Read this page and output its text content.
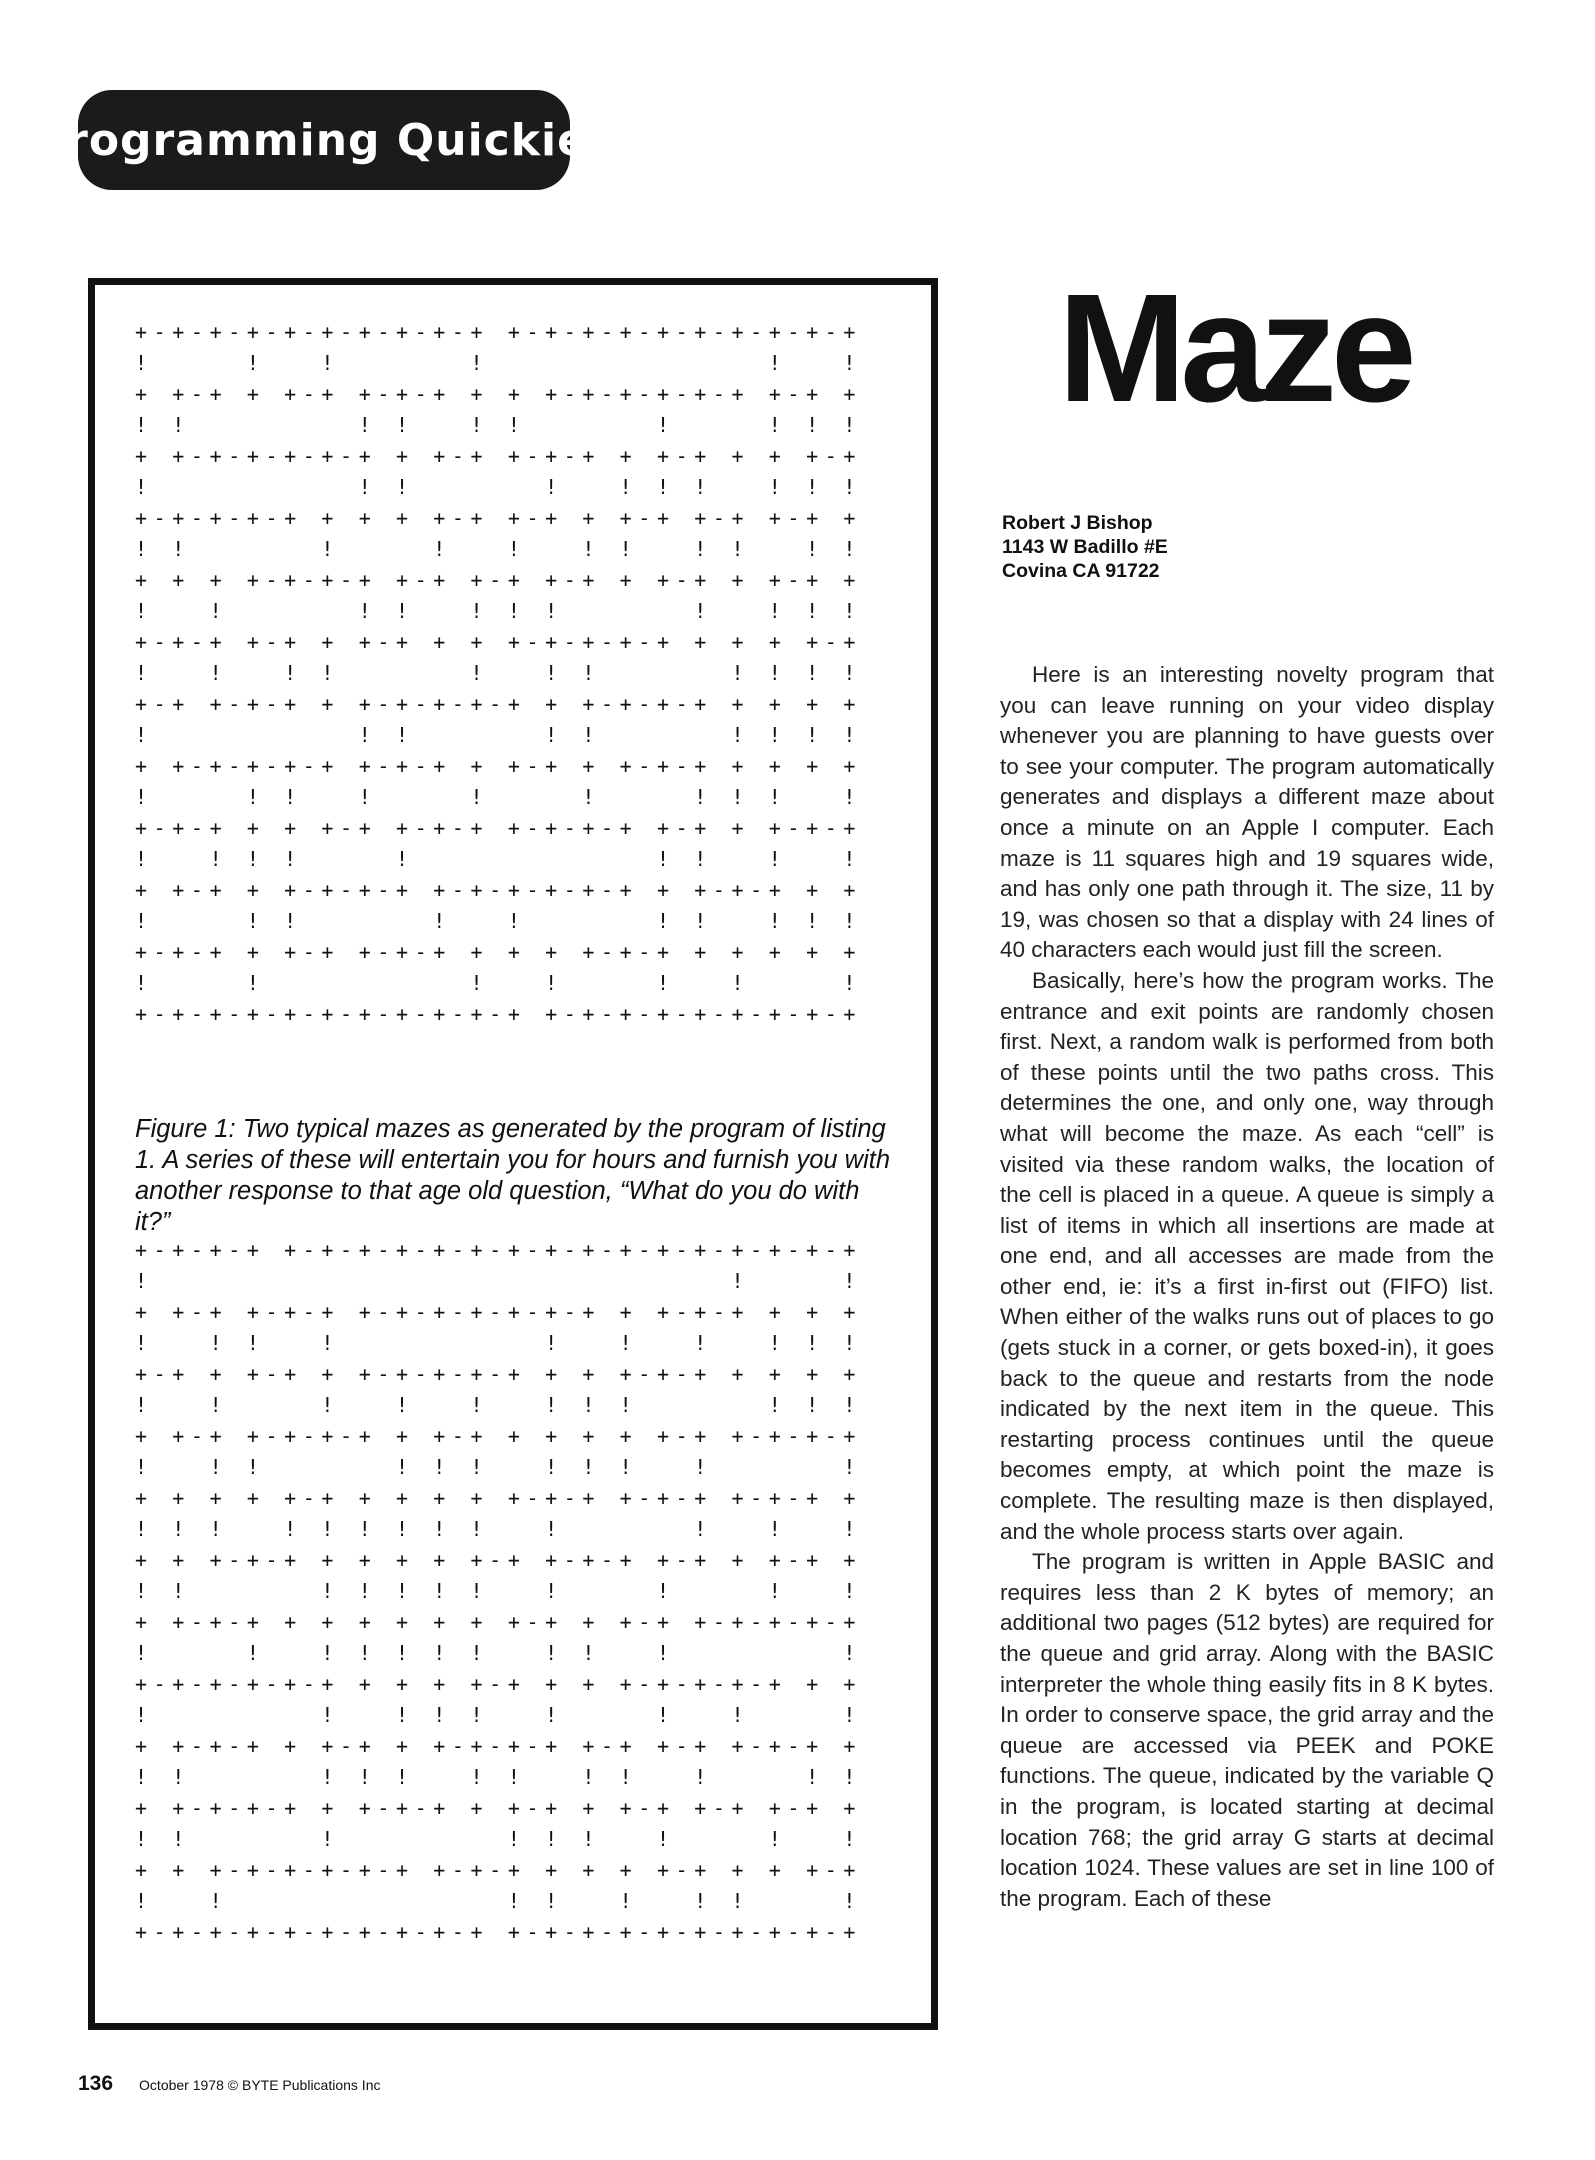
Programming Quickies
+-+-+-+-+-+-+-+-+-+ +-+-+-+-+-+-+-+-+-+
!     !   !       !               !   !
+ +-+ + +-+ +-+-+ + + +-+-+-+-+-+ +-+ +
! !         ! !   ! !       !     ! ! !
+ +-+-+-+-+-+ + +-+ +-+-+ + +-+ + + +-+
!           ! !       !   ! ! !   ! ! !
+-+-+-+-+ + + + +-+ +-+ + +-+ +-+ +-+ +
! !       !     !   !   ! !   ! !   ! !
+ + + +-+-+-+ +-+ +-+ +-+ + +-+ + +-+ +
!   !       ! !   ! ! !       !   ! ! !
+-+-+ +-+ + +-+ + + +-+-+-+-+ + + + +-+
!   !   ! !       !   ! !       ! ! ! !
+-+ +-+-+ + +-+-+-+-+ + +-+-+-+ + + + +
!           ! !       ! !       ! ! ! !
+ +-+-+-+-+ +-+-+ + +-+ + +-+-+ + + + +
!     ! !   !     !     !     ! ! !   !
+-+-+ + + +-+ +-+-+ +-+-+-+ +-+ + +-+-+
!   ! ! !     !             ! !   !   !
+ +-+ + +-+-+-+ +-+-+-+-+-+ + +-+-+ + +
!     ! !       !   !       ! !   ! ! !
+-+-+ + +-+ +-+-+ + + + +-+-+ + + + + +
!     !           !   !     !   !     !
+-+-+-+-+-+-+-+-+-+-+ +-+-+-+-+-+-+-+-+

Figure 1: Two typical mazes as generated by the program of listing 1. A series of these will entertain you for hours and furnish you with another response to that age old question, “What do you do with it?”

+-+-+-+ +-+-+-+-+-+-+-+-+-+-+-+-+-+-+-+
!                               !     !
+ +-+ +-+-+ +-+-+-+-+-+-+ + +-+-+ + + +
!   ! !   !           !   !   !   ! ! !
+-+ + +-+ + +-+-+-+-+ + + +-+-+ + + + +
!   !     !   !   !   ! ! !       ! ! !
+ +-+ +-+-+-+ + +-+ + + + + +-+ +-+-+-+
!   ! !       ! ! !   ! ! !   !       !
+ + + + +-+ + + + + +-+-+ +-+-+ +-+-+ +
! ! !   ! ! ! ! ! !   !       !   !   !
+ + +-+-+ + + + + +-+ +-+-+ +-+ + +-+ +
! !       ! ! ! ! !   !     !     !   !
+ +-+-+ + + + + + + +-+ + +-+ +-+-+-+-+
!     !   ! ! ! ! !   ! !   !         !
+-+-+-+-+-+ + + + +-+ + + +-+-+-+-+ + +
!         !   ! ! !   !     !   !     !
+ +-+-+ + +-+ + +-+-+-+ +-+ +-+ +-+-+ +
! !       ! ! !   ! !   ! !   !     ! !
+ +-+-+-+ + +-+-+ + +-+ + +-+ +-+ +-+ +
! !       !         ! ! !   !     !   !
+ + +-+-+-+-+-+ +-+-+ + + + +-+ + + +-+
!   !               ! !   !   ! !     !
+-+-+-+-+-+-+-+-+-+ +-+-+-+-+-+-+-+-+-+
Maze
Robert J Bishop
1143 W Badillo #E
Covina CA 91722

Here is an interesting novelty program that you can leave running on your video display whenever you are planning to have guests over to see your computer. The program automatically generates and displays a different maze about once a minute on an Apple I computer. Each maze is 11 squares high and 19 squares wide, and has only one path through it. The size, 11 by 19, was chosen so that a display with 24 lines of 40 characters each would just fill the screen.

Basically, here’s how the program works. The entrance and exit points are randomly chosen first. Next, a random walk is performed from both of these points until the two paths cross. This determines the one, and only one, way through what will become the maze. As each “cell” is visited via these random walks, the location of the cell is placed in a queue. A queue is simply a list of items in which all insertions are made at one end, and all accesses are made from the other end, ie: it’s a first in-first out (FIFO) list. When either of the walks runs out of places to go (gets stuck in a corner, or gets boxed-in), it goes back to the queue and restarts from the node indicated by the next item in the queue. This restarting process continues until the queue becomes empty, at which point the maze is complete. The resulting maze is then displayed, and the whole process starts over again.

The program is written in Apple BASIC and requires less than 2 K bytes of memory; an additional two pages (512 bytes) are required for the queue and grid array. Along with the BASIC interpreter the whole thing easily fits in 8 K bytes. In order to conserve space, the grid array and the queue are accessed via PEEK and POKE functions. The queue, indicated by the variable Q in the program, is located starting at decimal location 768; the grid array G starts at decimal location 1024. These values are set in line 100 of the program. Each of these

136 October 1978 © BYTE Publications Inc
